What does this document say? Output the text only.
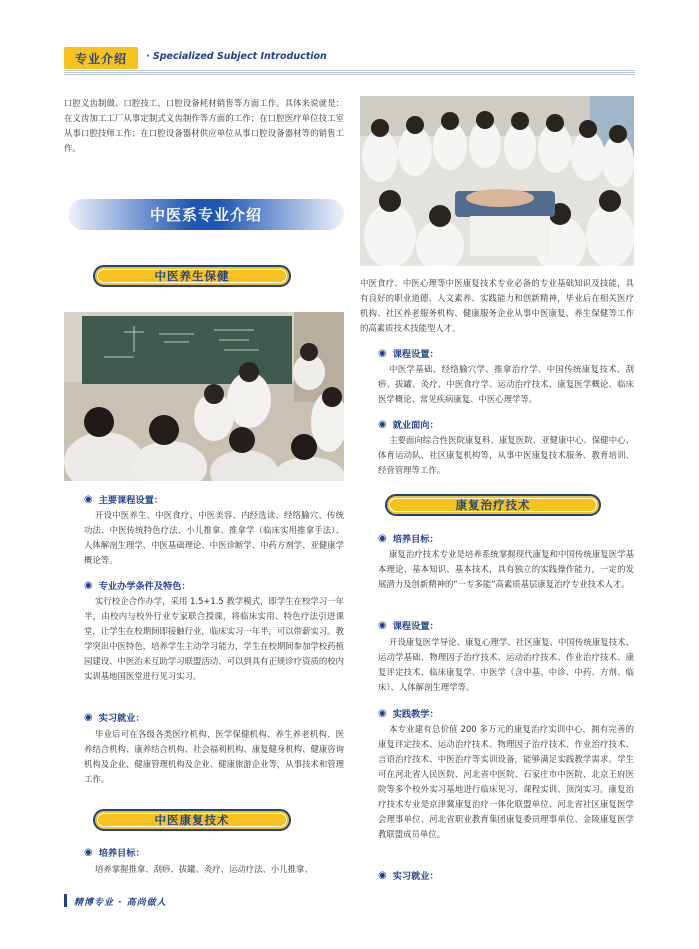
专业介绍	· Specialized Subject Introduction
口腔义齿制做、口腔技工、口腔设备耗材销售等方面工作。具体来说就是：在义齿加工工厂从事定制式义齿制作等方面的工作；在口腔医疗单位技工室从事口腔技师工作；在口腔设备器材供应单位从事口腔设备器材等的销售工作。
中医系专业介绍
中医养生保健
◉ 主要课程设置：
开设中医养生、中医食疗、中医美容、内经选读、经络腧穴、传统功法、中医传统特色疗法、小儿推拿、推拿学（临床实用推拿手法）、人体解剖生理学、中医基础理论、中医诊断学、中药方剂学、亚健康学概论等。
◉ 专业办学条件及特色：
实行校企合作办学，采用 1.5+1.5 教学模式，即学生在校学习一年半，由校内与校外行业专家联合授课，将临床实用、特色疗法引进课堂，让学生在校期间即接触行业，临床实习一年半，可以带薪实习。教学突出中医特色，培养学生主动学习能力，学生在校期间参加学校药植园建设、中医治未互助学习联盟活动、可以到具有正规诊疗资质的校内实训基地国医堂进行见习实习。
◉ 实习就业：
毕业后可在各级各类医疗机构、医学保健机构、养生养老机构、医养结合机构、康养结合机构、社会福利机构、康复健身机构、健康咨询机构及企业、健康管理机构及企业、健康旅游企业等，从事技术和管理工作。
中医康复技术
◉ 培养目标：
培养掌握推拿、刮痧、拔罐、灸疗、运动疗法、小儿推拿、
中医食疗、中医心理等中医康复技术专业必备的专业基础知识及技能，具有良好的职业道德、人文素养、实践能力和创新精神，毕业后在相关医疗机构、社区养老服务机构、健康服务企业从事中医康复、养生保健等工作的高素质技术技能型人才。
◉ 课程设置：
中医学基础、经络腧穴学、推拿治疗学、中国传统康复技术、刮痧、拔罐、灸疗、中医食疗学、运动治疗技术、康复医学概论、临床医学概论、常见疾病康复、中医心理学等。
◉ 就业面向：
主要面向综合性医院康复科、康复医院、亚健康中心、保健中心、体育运动队、社区康复机构等，从事中医康复技术服务、教育培训、经营管理等工作。
康复治疗技术
◉ 培养目标：
康复治疗技术专业是培养系统掌握现代康复和中国传统康复医学基本理论、基本知识、基本技术，具有独立的实践操作能力，一定的发展潜力及创新精神的“一专多能”高素质基层康复治疗专业技术人才。
◉ 课程设置：
开设康复医学导论、康复心理学、社区康复、中国传统康复技术、运动学基础、物理因子治疗技术、运动治疗技术、作业治疗技术、康复评定技术、临床康复学、中医学（含中基、中诊、中药、方剂、临床）、人体解剖生理学等。
◉ 实践教学：
本专业建有总价值 200 多万元的康复治疗实训中心，拥有完善的康复评定技术、运动治疗技术、物理因子治疗技术、作业治疗技术、言语治疗技术、中医治疗等实训设备，能够满足实践教学需求。学生可在河北省人民医院、河北省中医院、石家庄市中医院、北京王府医院等多个校外实习基地进行临床见习、课程实训、顶岗实习。康复治疗技术专业是京津冀康复治疗一体化联盟单位、河北省社区康复医学会理事单位、河北省职业教育集团康复委员理事单位、金陵康复医学教联盟成员单位。
◉ 实习就业：
精博专业 · 高尚做人
